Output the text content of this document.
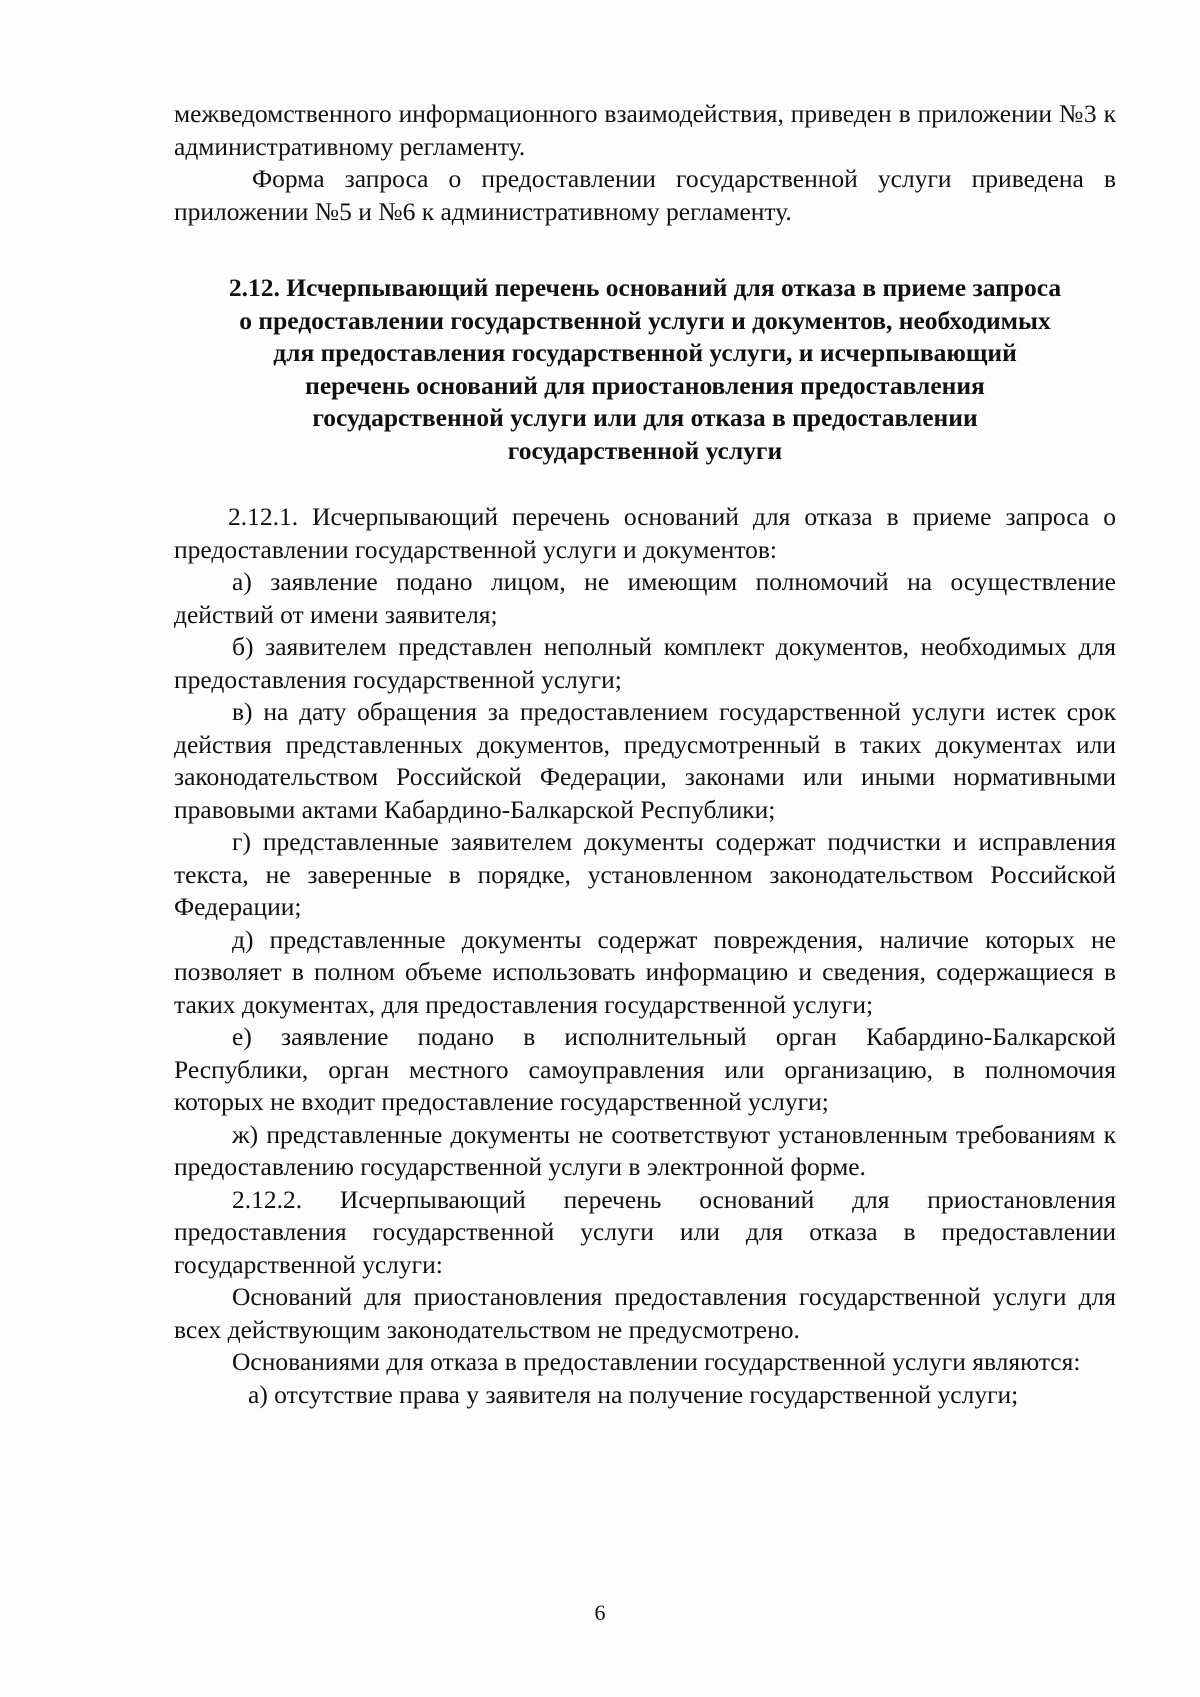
межведомственного информационного взаимодействия, приведен в приложении №3 к административному регламенту.

Форма запроса о предоставлении государственной услуги приведена в приложении №5 и №6 к административному регламенту.

2.12. Исчерпывающий перечень оснований для отказа в приеме запроса
о предоставлении государственной услуги и документов, необходимых
для предоставления государственной услуги, и исчерпывающий
перечень оснований для приостановления предоставления
государственной услуги или для отказа в предоставлении
государственной услуги

2.12.1. Исчерпывающий перечень оснований для отказа в приеме запроса о предоставлении государственной услуги и документов:

а) заявление подано лицом, не имеющим полномочий на осуществление действий от имени заявителя;

б) заявителем представлен неполный комплект документов, необходимых для предоставления государственной услуги;

в) на дату обращения за предоставлением государственной услуги истек срок действия представленных документов, предусмотренный в таких документах или законодательством Российской Федерации, законами или иными нормативными правовыми актами Кабардино-Балкарской Республики;

г) представленные заявителем документы содержат подчистки и исправления текста, не заверенные в порядке, установленном законодательством Российской Федерации;

д) представленные документы содержат повреждения, наличие которых не позволяет в полном объеме использовать информацию и сведения, содержащиеся в таких документах, для предоставления государственной услуги;

е) заявление подано в исполнительный орган Кабардино-Балкарской Республики, орган местного самоуправления или организацию, в полномочия которых не входит предоставление государственной услуги;

ж) представленные документы не соответствуют установленным требованиям к предоставлению государственной услуги в электронной форме.

2.12.2. Исчерпывающий перечень оснований для приостановления предоставления государственной услуги или для отказа в предоставлении государственной услуги:

Оснований для приостановления предоставления государственной услуги для всех действующим законодательством не предусмотрено.

Основаниями для отказа в предоставлении государственной услуги являются:

а) отсутствие права у заявителя на получение государственной услуги;

6
